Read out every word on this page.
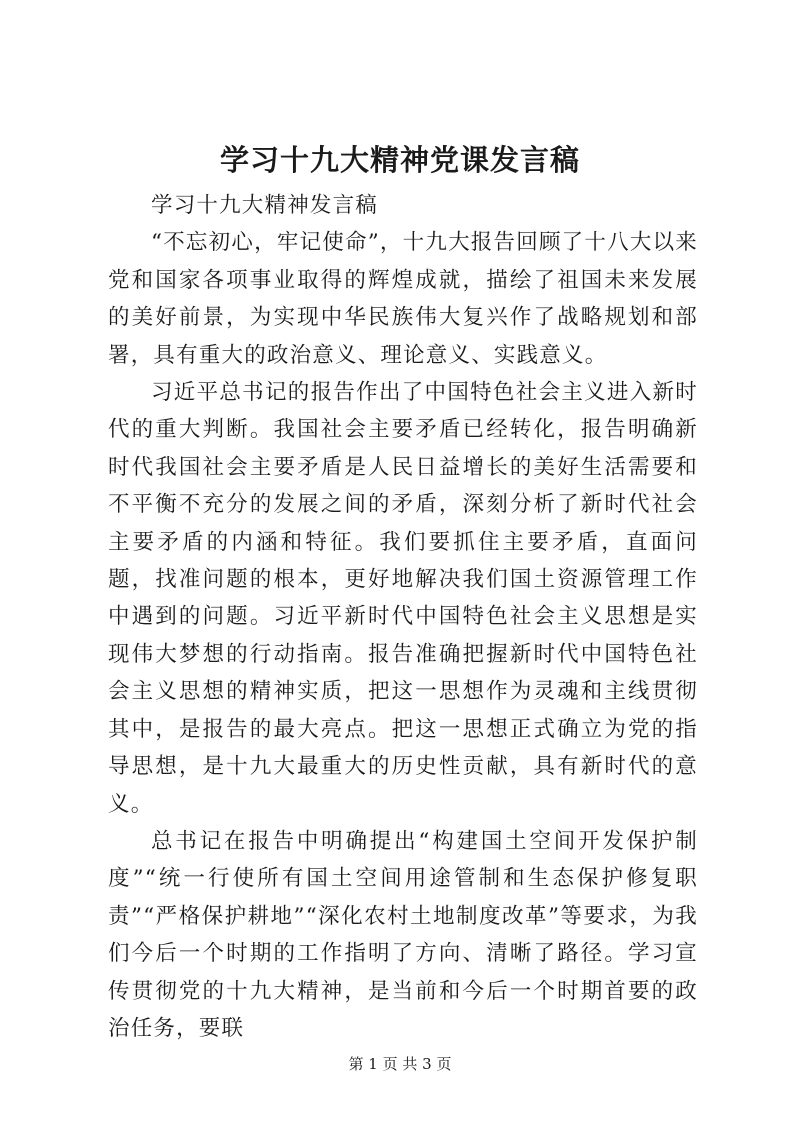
学习十九大精神党课发言稿

学习十九大精神发言稿

“不忘初心，牢记使命”，十九大报告回顾了十八大以来党和国家各项事业取得的辉煌成就，描绘了祖国未来发展的美好前景，为实现中华民族伟大复兴作了战略规划和部署，具有重大的政治意义、理论意义、实践意义。

习近平总书记的报告作出了中国特色社会主义进入新时代的重大判断。我国社会主要矛盾已经转化，报告明确新时代我国社会主要矛盾是人民日益增长的美好生活需要和不平衡不充分的发展之间的矛盾，深刻分析了新时代社会主要矛盾的内涵和特征。我们要抓住主要矛盾，直面问题，找准问题的根本，更好地解决我们国土资源管理工作中遇到的问题。习近平新时代中国特色社会主义思想是实现伟大梦想的行动指南。报告准确把握新时代中国特色社会主义思想的精神实质，把这一思想作为灵魂和主线贯彻其中，是报告的最大亮点。把这一思想正式确立为党的指导思想，是十九大最重大的历史性贡献，具有新时代的意义。

总书记在报告中明确提出“构建国土空间开发保护制度”“统一行使所有国土空间用途管制和生态保护修复职责”“严格保护耕地”“深化农村土地制度改革”等要求，为我们今后一个时期的工作指明了方向、清晰了路径。学习宣传贯彻党的十九大精神，是当前和今后一个时期首要的政治任务，要联

第 1 页 共 3 页
